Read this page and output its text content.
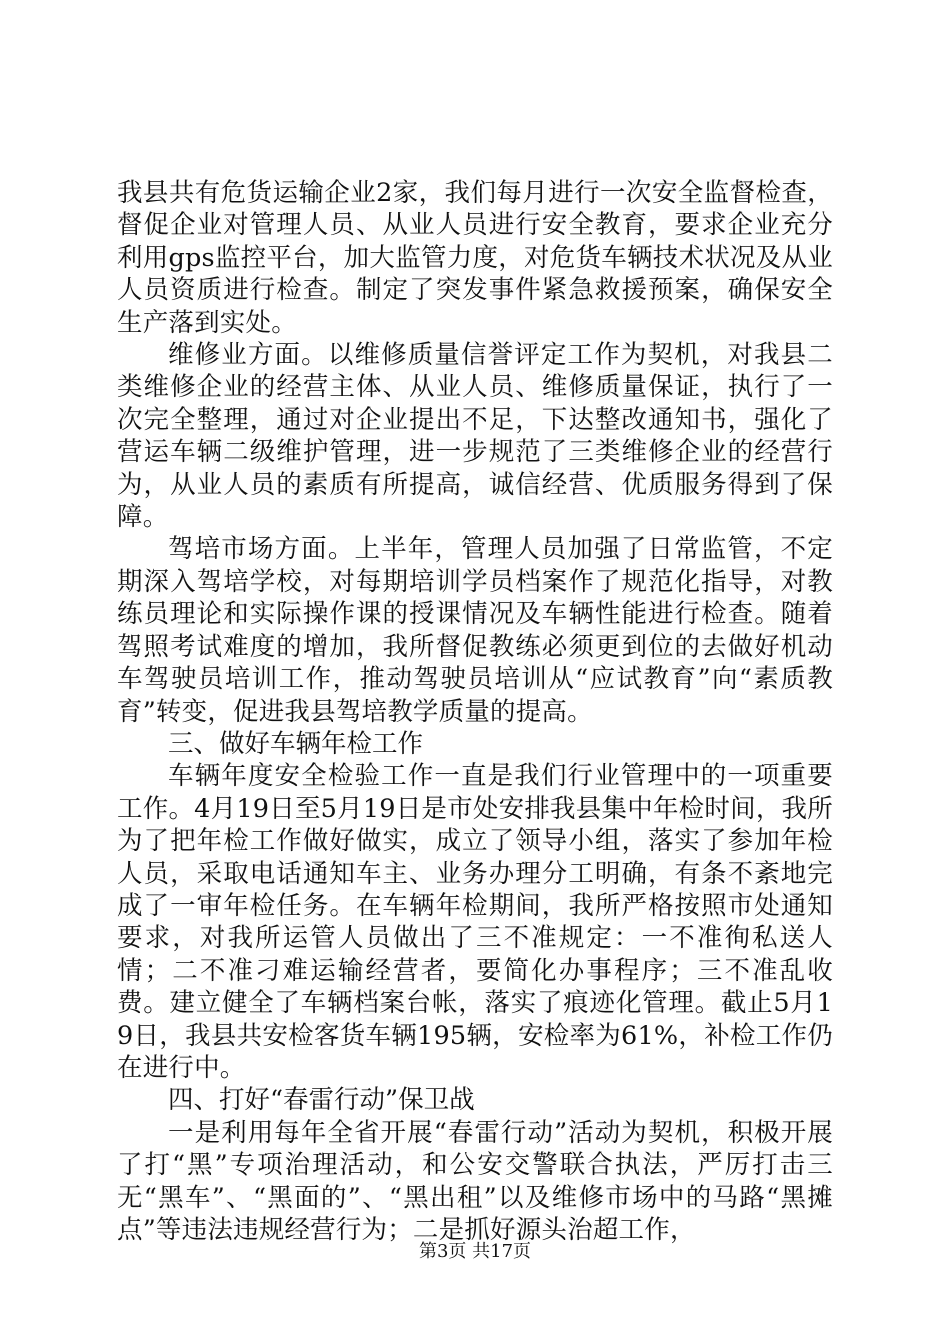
我县共有危货运输企业2家，我们每月进行一次安全监督检查，督促企业对管理人员、从业人员进行安全教育，要求企业充分利用gps监控平台，加大监管力度，对危货车辆技术状况及从业人员资质进行检查。制定了突发事件紧急救援预案，确保安全生产落到实处。

维修业方面。以维修质量信誉评定工作为契机，对我县二类维修企业的经营主体、从业人员、维修质量保证，执行了一次完全整理，通过对企业提出不足，下达整改通知书，强化了营运车辆二级维护管理，进一步规范了三类维修企业的经营行为，从业人员的素质有所提高，诚信经营、优质服务得到了保障。

驾培市场方面。上半年，管理人员加强了日常监管，不定期深入驾培学校，对每期培训学员档案作了规范化指导，对教练员理论和实际操作课的授课情况及车辆性能进行检查。随着驾照考试难度的增加，我所督促教练必须更到位的去做好机动车驾驶员培训工作，推动驾驶员培训从“应试教育”向“素质教育”转变，促进我县驾培教学质量的提高。

三、做好车辆年检工作

车辆年度安全检验工作一直是我们行业管理中的一项重要工作。4月19日至5月19日是市处安排我县集中年检时间，我所为了把年检工作做好做实，成立了领导小组，落实了参加年检人员，采取电话通知车主、业务办理分工明确，有条不紊地完成了一审年检任务。在车辆年检期间，我所严格按照市处通知要求，对我所运管人员做出了三不准规定：一不准徇私送人情；二不准刁难运输经营者，要简化办事程序；三不准乱收费。建立健全了车辆档案台帐，落实了痕迹化管理。截止5月19日，我县共安检客货车辆195辆，安检率为61%，补检工作仍在进行中。

四、打好“春雷行动”保卫战

一是利用每年全省开展“春雷行动”活动为契机，积极开展了打“黑”专项治理活动，和公安交警联合执法，严厉打击三无“黑车”、“黑面的”、“黑出租”以及维修市场中的马路“黑摊点”等违法违规经营行为；二是抓好源头治超工作，

第3页 共17页
